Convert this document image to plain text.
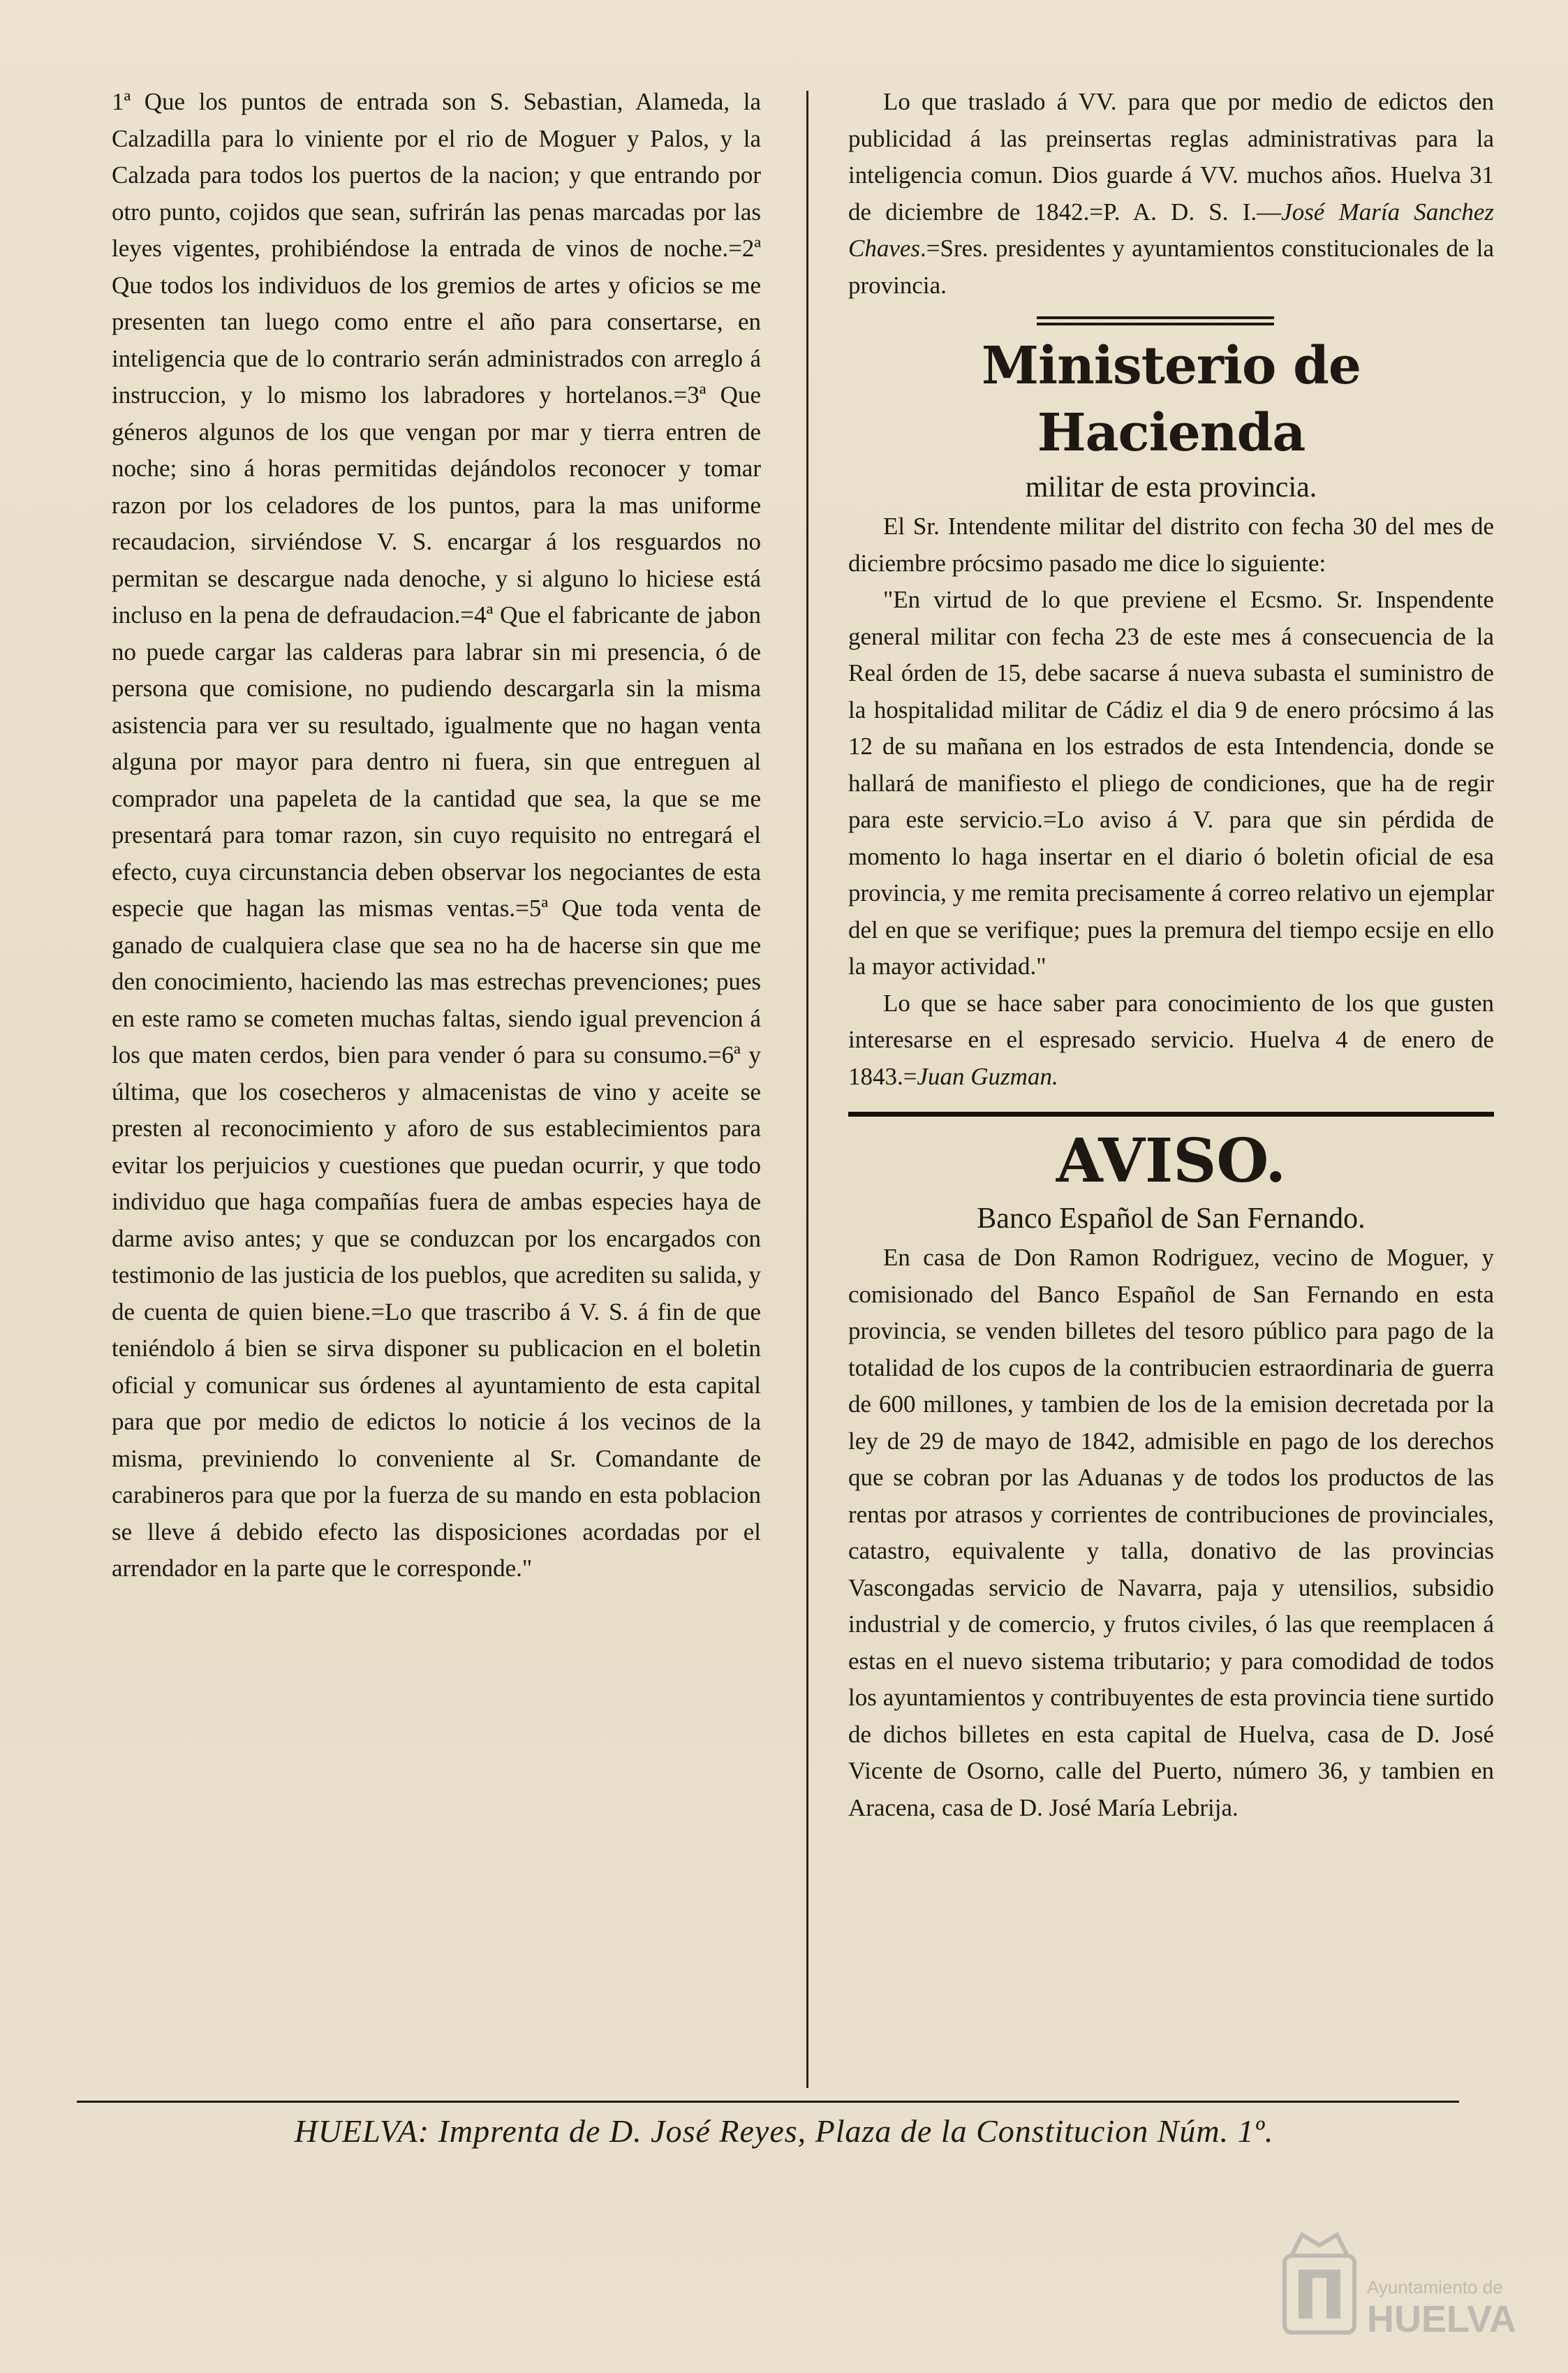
1ª Que los puntos de entrada son S. Sebastian, Alameda, la Calzadilla para lo viniente por el rio de Moguer y Palos, y la Calzada para todos los puertos de la nacion; y que entrando por otro punto, cojidos que sean, sufrirán las penas marcadas por las leyes vigentes, prohibiéndose la entrada de vinos de noche.=2ª Que todos los individuos de los gremios de artes y oficios se me presenten tan luego como entre el año para consertarse, en inteligencia que de lo contrario serán administrados con arreglo á instruccion, y lo mismo los labradores y hortelanos.=3ª Que géneros algunos de los que vengan por mar y tierra entren de noche; sino á horas permitidas dejándolos reconocer y tomar razon por los celadores de los puntos, para la mas uniforme recaudacion, sirviéndose V. S. encargar á los resguardos no permitan se descargue nada denoche, y si alguno lo hiciese está incluso en la pena de defraudacion.=4ª Que el fabricante de jabon no puede cargar las calderas para labrar sin mi presencia, ó de persona que comisione, no pudiendo descargarla sin la misma asistencia para ver su resultado, igualmente que no hagan venta alguna por mayor para dentro ni fuera, sin que entreguen al comprador una papeleta de la cantidad que sea, la que se me presentará para tomar razon, sin cuyo requisito no entregará el efecto, cuya circunstancia deben observar los negociantes de esta especie que hagan las mismas ventas.=5ª Que toda venta de ganado de cualquiera clase que sea no ha de hacerse sin que me den conocimiento, haciendo las mas estrechas prevenciones; pues en este ramo se cometen muchas faltas, siendo igual prevencion á los que maten cerdos, bien para vender ó para su consumo.=6ª y última, que los cosecheros y almacenistas de vino y aceite se presten al reconocimiento y aforo de sus establecimientos para evitar los perjuicios y cuestiones que puedan ocurrir, y que todo individuo que haga compañías fuera de ambas especies haya de darme aviso antes; y que se conduzcan por los encargados con testimonio de las justicia de los pueblos, que acrediten su salida, y de cuenta de quien biene.=Lo que trascribo á V. S. á fin de que teniéndolo á bien se sirva disponer su publicacion en el boletin oficial y comunicar sus órdenes al ayuntamiento de esta capital para que por medio de edictos lo noticie á los vecinos de la misma, previniendo lo conveniente al Sr. Comandante de carabineros para que por la fuerza de su mando en esta poblacion se lleve á debido efecto las disposiciones acordadas por el arrendador en la parte que le corresponde."

Lo que traslado á VV. para que por medio de edictos den publicidad á las preinsertas reglas administrativas para la inteligencia comun. Dios guarde á VV. muchos años. Huelva 31 de diciembre de 1842.=P. A. D. S. I.—José María Sanchez Chaves.=Sres. presidentes y ayuntamientos constitucionales de la provincia.

Ministerio de Hacienda

militar de esta provincia.

El Sr. Intendente militar del distrito con fecha 30 del mes de diciembre prócsimo pasado me dice lo siguiente:

"En virtud de lo que previene el Ecsmo. Sr. Inspendente general militar con fecha 23 de este mes á consecuencia de la Real órden de 15, debe sacarse á nueva subasta el suministro de la hospitalidad militar de Cádiz el dia 9 de enero prócsimo á las 12 de su mañana en los estrados de esta Intendencia, donde se hallará de manifiesto el pliego de condiciones, que ha de regir para este servicio.=Lo aviso á V. para que sin pérdida de momento lo haga insertar en el diario ó boletin oficial de esa provincia, y me remita precisamente á correo relativo un ejemplar del en que se verifique; pues la premura del tiempo ecsije en ello la mayor actividad."

Lo que se hace saber para conocimiento de los que gusten interesarse en el espresado servicio. Huelva 4 de enero de 1843.=Juan Guzman.

AVISO.

Banco Español de San Fernando.

En casa de Don Ramon Rodriguez, vecino de Moguer, y comisionado del Banco Español de San Fernando en esta provincia, se venden billetes del tesoro público para pago de la totalidad de los cupos de la contribucien estraordinaria de guerra de 600 millones, y tambien de los de la emision decretada por la ley de 29 de mayo de 1842, admisible en pago de los derechos que se cobran por las Aduanas y de todos los productos de las rentas por atrasos y corrientes de contribuciones de provinciales, catastro, equivalente y talla, donativo de las provincias Vascongadas servicio de Navarra, paja y utensilios, subsidio industrial y de comercio, y frutos civiles, ó las que reemplacen á estas en el nuevo sistema tributario; y para comodidad de todos los ayuntamientos y contribuyentes de esta provincia tiene surtido de dichos billetes en esta capital de Huelva, casa de D. José Vicente de Osorno, calle del Puerto, número 36, y tambien en Aracena, casa de D. José María Lebrija.

HUELVA: Imprenta de D. José Reyes, Plaza de la Constitucion Núm. 1º.
Ayuntamiento de
HUELVA
